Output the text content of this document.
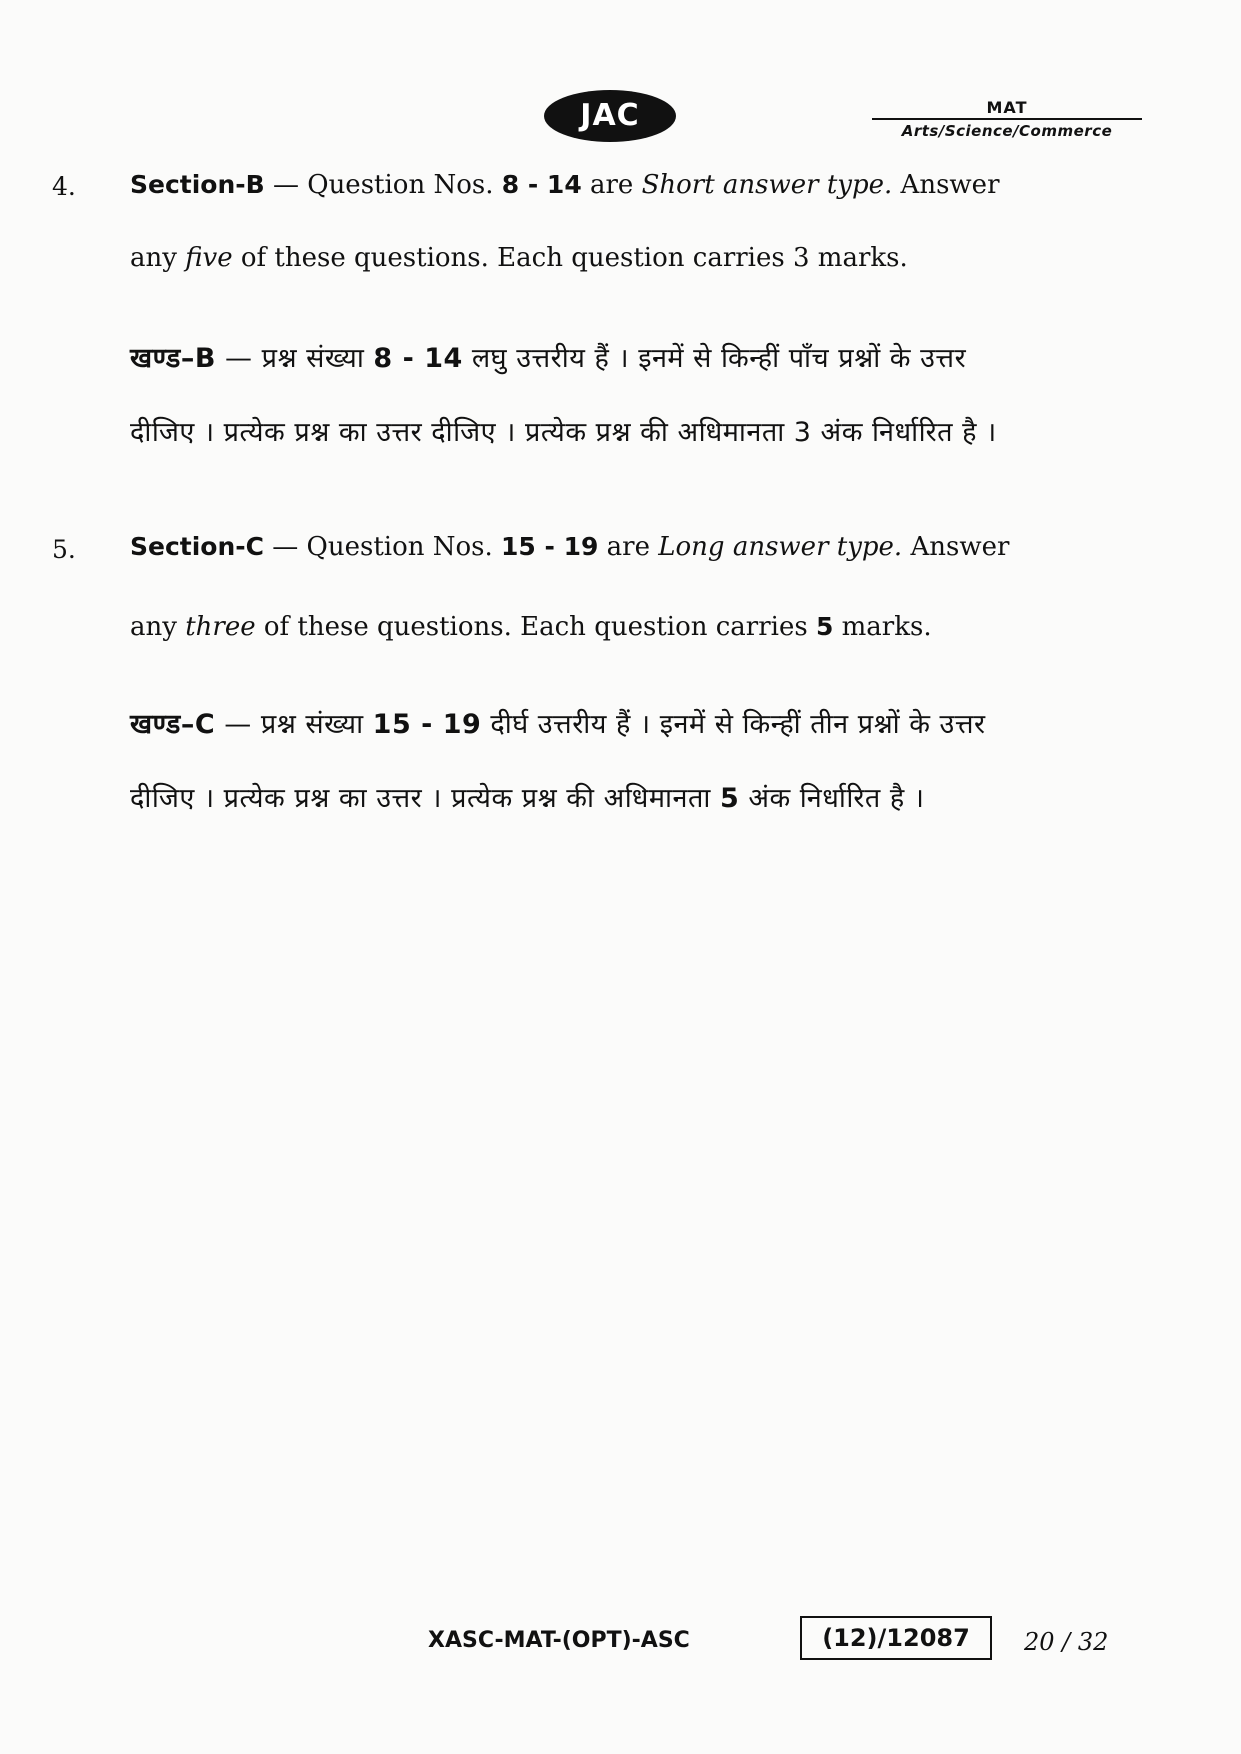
JAC	MAT
Arts/Science/Commerce
4. Section-B — Question Nos. 8 - 14 are Short answer type. Answer
any five of these questions. Each question carries 3 marks.
खण्ड–B — प्रश्न संख्या 8 - 14 लघु उत्तरीय हैं । इनमें से किन्हीं पाँच प्रश्नों के उत्तर
दीजिए । प्रत्येक प्रश्न का उत्तर दीजिए । प्रत्येक प्रश्न की अधिमानता 3 अंक निर्धारित है ।
5. Section-C — Question Nos. 15 - 19 are Long answer type. Answer
any three of these questions. Each question carries 5 marks.
खण्ड–C — प्रश्न संख्या 15 - 19 दीर्घ उत्तरीय हैं । इनमें से किन्हीं तीन प्रश्नों के उत्तर
दीजिए । प्रत्येक प्रश्न का उत्तर । प्रत्येक प्रश्न की अधिमानता 5 अंक निर्धारित है ।
XASC-MAT-(OPT)-ASC	(12)/12087	20 / 32
